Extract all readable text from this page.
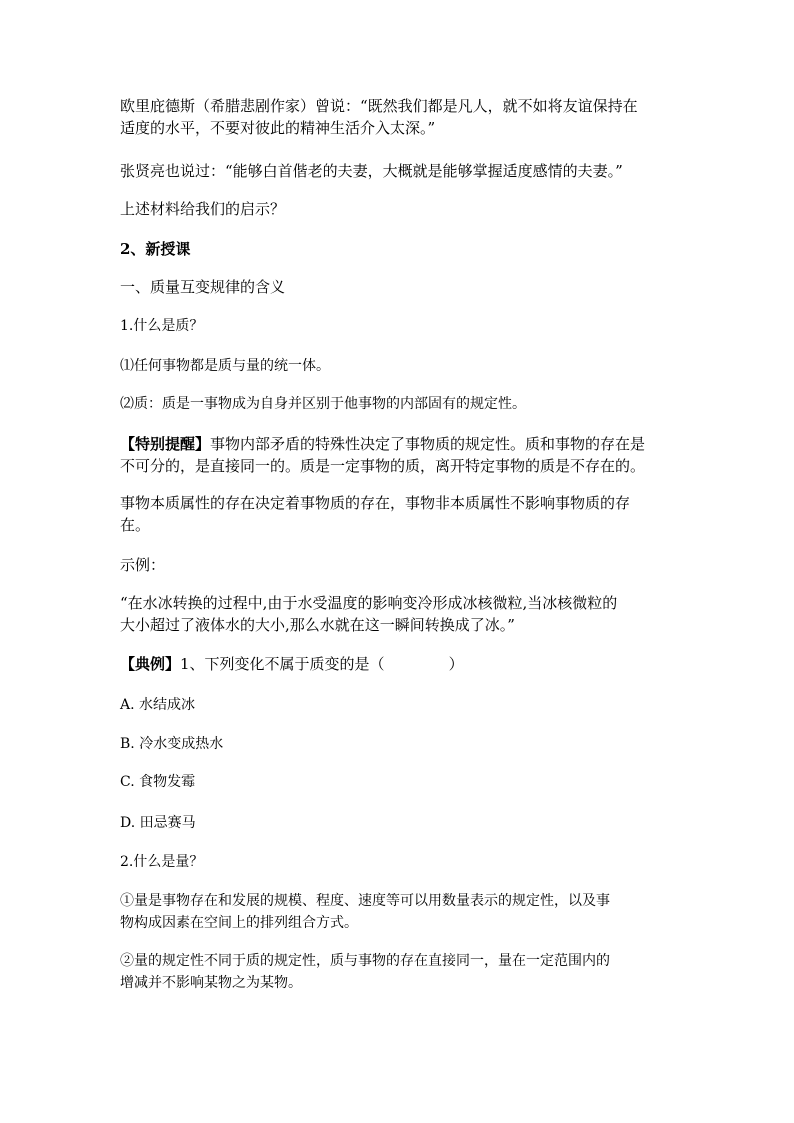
欧里庇德斯（希腊悲剧作家）曾说：“既然我们都是凡人，就不如将友谊保持在
适度的水平，不要对彼此的精神生活介入太深。”

张贤亮也说过：“能够白首偕老的夫妻，大概就是能够掌握适度感情的夫妻。”

上述材料给我们的启示？

2、新授课

一、质量互变规律的含义

1.什么是质？

⑴任何事物都是质与量的统一体。

⑵质：质是一事物成为自身并区别于他事物的内部固有的规定性。

【特别提醒】事物内部矛盾的特殊性决定了事物质的规定性。质和事物的存在是
不可分的，是直接同一的。质是一定事物的质，离开特定事物的质是不存在的。

事物本质属性的存在决定着事物质的存在，事物非本质属性不影响事物质的存
在。

示例：

“在水冰转换的过程中,由于水受温度的影响变冷形成冰核微粒,当冰核微粒的
大小超过了液体水的大小,那么水就在这一瞬间转换成了冰。”

【典例】1、下列变化不属于质变的是（	）

A. 水结成冰

B. 冷水变成热水

C. 食物发霉

D. 田忌赛马

2.什么是量？

①量是事物存在和发展的规模、程度、速度等可以用数量表示的规定性，以及事
物构成因素在空间上的排列组合方式。

②量的规定性不同于质的规定性，质与事物的存在直接同一，量在一定范围内的
增减并不影响某物之为某物。
